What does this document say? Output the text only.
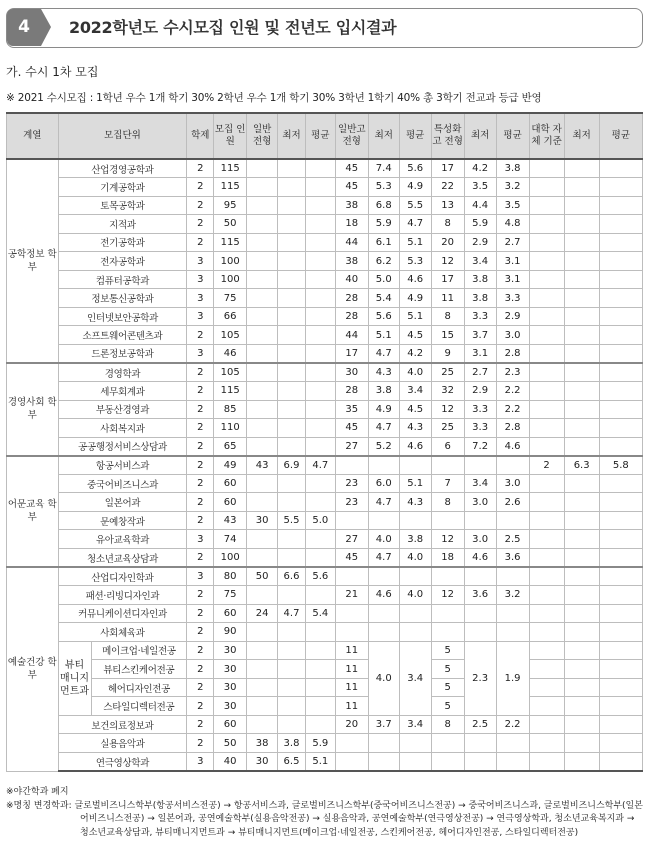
4	2022학년도 수시모집 인원 및 전년도 입시결과
가. 수시 1차 모집
※ 2021 수시모집 : 1학년 우수 1개 학기 30% 2학년 우수 1개 학기 30% 3학년 1학기 40% 총 3학기 전교과 등급 반영
계열	모집단위		학제	모집 인원	일반 전형	최저	평균	일반고 전형	최저	평균	특성화고 전형	최저	평균	대학 자체 기준	최저	평균
공학정보 학부	산업경영공학과		2	115				45	7.4	5.6	17	4.2	3.8			
	기계공학과		2	115				45	5.3	4.9	22	3.5	3.2			
	토목공학과		2	95				38	6.8	5.5	13	4.4	3.5			
	지적과		2	50				18	5.9	4.7	8	5.9	4.8			
	전기공학과		2	115				44	6.1	5.1	20	2.9	2.7			
	전자공학과		3	100				38	6.2	5.3	12	3.4	3.1			
	컴퓨터공학과		3	100				40	5.0	4.6	17	3.8	3.1			
	정보통신공학과		3	75				28	5.4	4.9	11	3.8	3.3			
	인터넷보안공학과		3	66				28	5.6	5.1	8	3.3	2.9			
	소프트웨어콘텐츠과		2	105				44	5.1	4.5	15	3.7	3.0			
	드론정보공학과		3	46				17	4.7	4.2	9	3.1	2.8			
경영사회 학부	경영학과		2	105				30	4.3	4.0	25	2.7	2.3			
	세무회계과		2	115				28	3.8	3.4	32	2.9	2.2			
	부동산경영과		2	85				35	4.9	4.5	12	3.3	2.2			
	사회복지과		2	110				45	4.7	4.3	25	3.3	2.8			
	공공행정서비스상담과		2	65				27	5.2	4.6	6	7.2	4.6			
어문교육 학부	항공서비스과		2	49	43	6.9	4.7							2	6.3	5.8
	중국어비즈니스과		2	60				23	6.0	5.1	7	3.4	3.0			
	일본어과		2	60				23	4.7	4.3	8	3.0	2.6			
	문예창작과		2	43	30	5.5	5.0									
	유아교육학과		3	74				27	4.0	3.8	12	3.0	2.5			
	청소년교육상담과		2	100				45	4.7	4.0	18	4.6	3.6			
예술건강 학부	산업디자인학과		3	80	50	6.6	5.6									
	패션·리빙디자인과		2	75				21	4.6	4.0	12	3.6	3.2			
	커뮤니케이션디자인과		2	60	24	4.7	5.4									
	사회체육과		2	90												
	뷰티 매니지 먼트과	메이크업·네일전공	2	30				11	4.0	3.4	5	2.3	1.9			
		뷰티스킨케어전공	2	30				11			5					
		헤어디자인전공	2	30				11			5					
		스타일디렉터전공	2	30				11			5					
	보건의료정보과		2	60				20	3.7	3.4	8	2.5	2.2			
	실용음악과		2	50	38	3.8	5.9									
	연극영상학과		3	40	30	6.5	5.1									
※야간학과 폐지
※명칭 변경학과: 글로벌비즈니스학부(항공서비스전공) → 항공서비스과, 글로벌비즈니스학부(중국어비즈니스전공) → 중국어비즈니스과, 글로벌비즈니스학부(일본어비즈니스전공) → 일본어과, 공연예술학부(실용음악전공) → 실용음악과, 공연예술학부(연극영상전공) → 연극영상학과, 청소년교육복지과 → 청소년교육상담과, 뷰티매니지먼트과 → 뷰티매니지먼트(메이크업·네일전공, 스킨케어전공, 헤어디자인전공, 스타일디렉터전공)
